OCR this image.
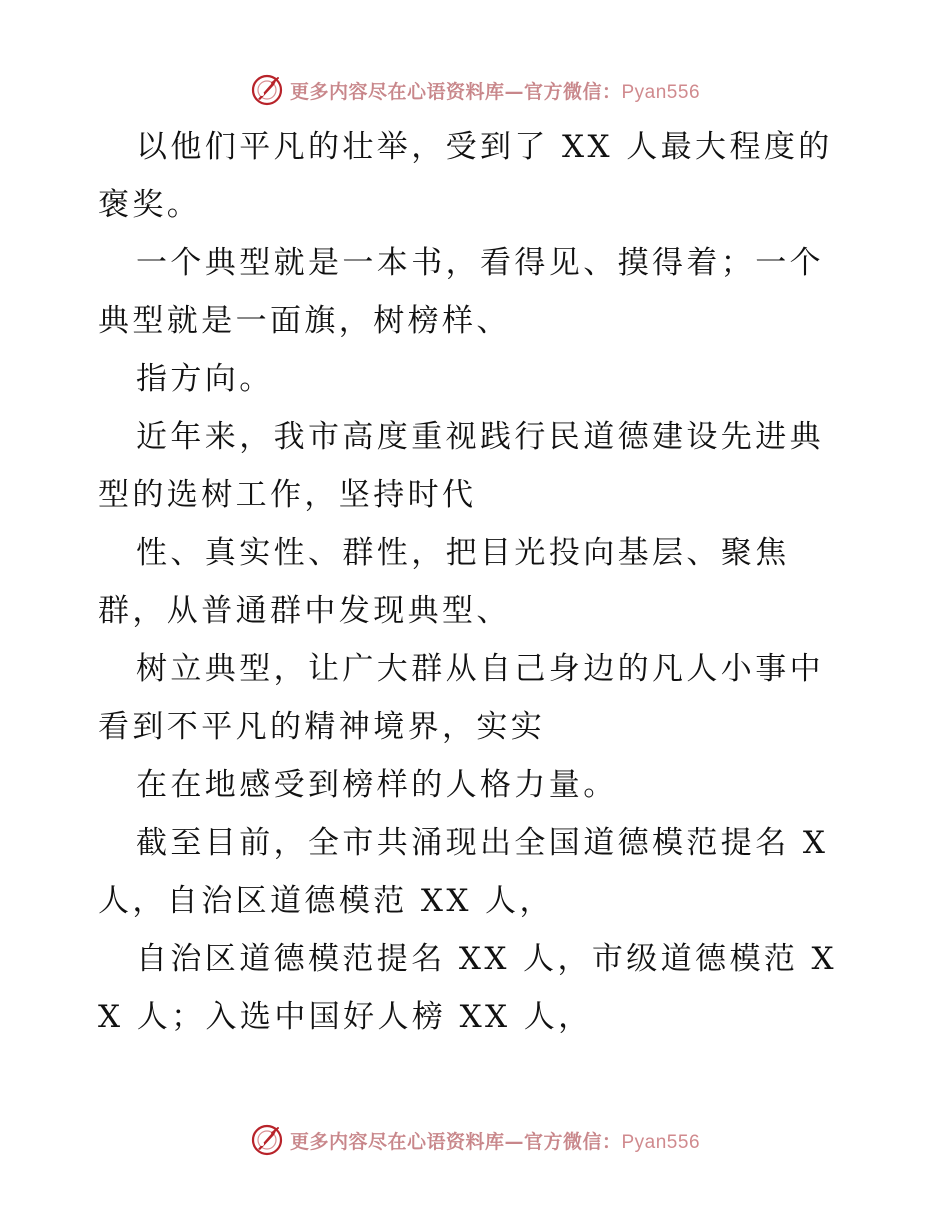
更多内容尽在心语资料库—官方微信：Pyan556

以他们平凡的壮举，受到了 XX 人最大程度的褒奖。

一个典型就是一本书，看得见、摸得着；一个典型就是一面旗，树榜样、

指方向。

近年来，我市高度重视践行民道德建设先进典型的选树工作，坚持时代

性、真实性、群性，把目光投向基层、聚焦群，从普通群中发现典型、

树立典型，让广大群从自己身边的凡人小事中看到不平凡的精神境界，实实

在在地感受到榜样的人格力量。

截至目前，全市共涌现出全国道德模范提名 X 人，自治区道德模范 XX 人，

自治区道德模范提名 XX 人，市级道德模范 XX 人；入选中国好人榜 XX 人，

更多内容尽在心语资料库—官方微信：Pyan556
